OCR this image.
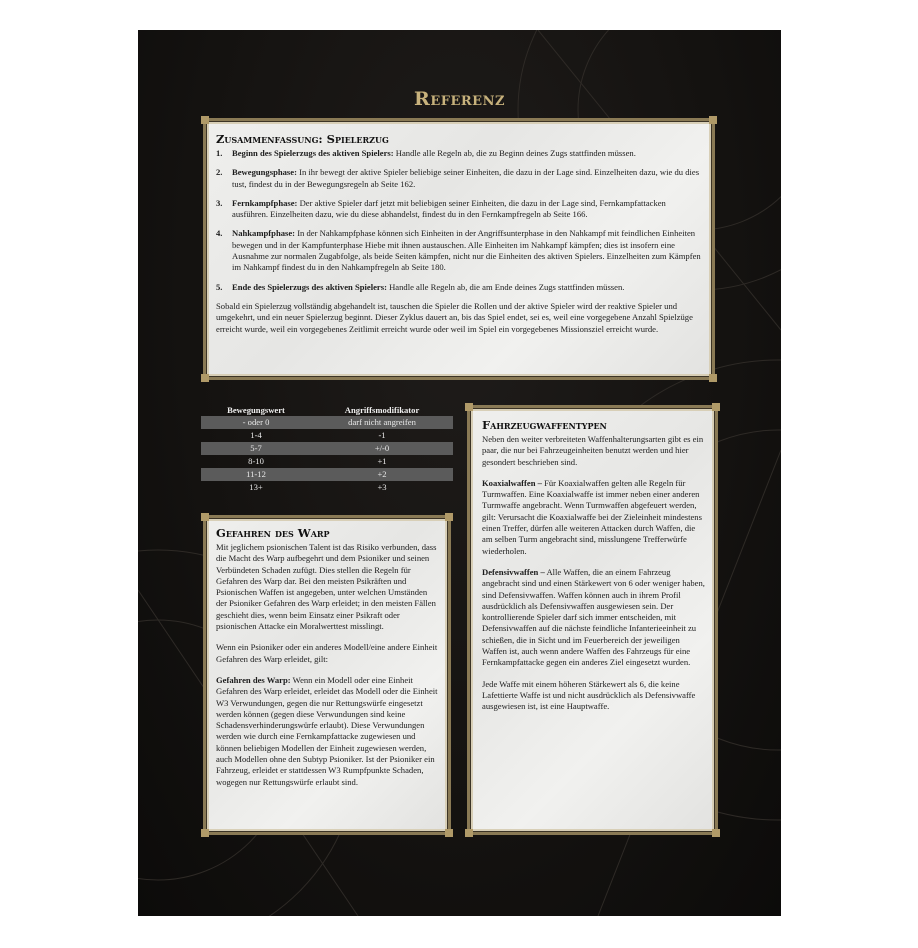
Referenz
Zusammenfassung: Spielerzug
1.	Beginn des Spielerzugs des aktiven Spielers: Handle alle Regeln ab, die zu Beginn deines Zugs stattfinden müssen.

2.	Bewegungsphase: In ihr bewegt der aktive Spieler beliebige seiner Einheiten, die dazu in der Lage sind. Einzelheiten dazu, wie du dies tust, findest du in der Bewegungsregeln ab Seite 162.

3.	Fernkampfphase: Der aktive Spieler darf jetzt mit beliebigen seiner Einheiten, die dazu in der Lage sind, Fernkampfattacken ausführen. Einzelheiten dazu, wie du diese abhandelst, findest du in den Fernkampfregeln ab Seite 166.

4.	Nahkampfphase: In der Nahkampfphase können sich Einheiten in der Angriffsunterphase in den Nahkampf mit feindlichen Einheiten bewegen und in der Kampfunterphase Hiebe mit ihnen austauschen. Alle Einheiten im Nahkampf kämpfen; dies ist insofern eine Ausnahme zur normalen Zugabfolge, als beide Seiten kämpfen, nicht nur die Einheiten des aktiven Spielers. Einzelheiten zum Kämpfen im Nahkampf findest du in den Nahkampfregeln ab Seite 180.

5.	Ende des Spielerzugs des aktiven Spielers: Handle alle Regeln ab, die am Ende deines Zugs stattfinden müssen.

Sobald ein Spielerzug vollständig abgehandelt ist, tauschen die Spieler die Rollen und der aktive Spieler wird der reaktive Spieler und umgekehrt, und ein neuer Spielerzug beginnt. Dieser Zyklus dauert an, bis das Spiel endet, sei es, weil eine vorgegebene Anzahl Spielzüge erreicht wurde, weil ein vorgegebenes Zeitlimit erreicht wurde oder weil im Spiel ein vorgegebenes Missionsziel erreicht wurde.

Bewegungswert	Angriffsmodifikator
- oder 0	darf nicht angreifen
1-4	-1
5-7	+/-0
8-10	+1
11-12	+2
13+	+3
Gefahren des Warp

Mit jeglichem psionischen Talent ist das Risiko verbunden, dass die Macht des Warp aufbegehrt und dem Psioniker und seinen Verbündeten Schaden zufügt. Dies stellen die Regeln für Gefahren des Warp dar. Bei den meisten Psikräften und Psionischen Waffen ist angegeben, unter welchen Umständen der Psioniker Gefahren des Warp erleidet; in den meisten Fällen geschieht dies, wenn beim Einsatz einer Psikraft oder psionischen Attacke ein Moralwerttest misslingt.

Wenn ein Psioniker oder ein anderes Modell/eine andere Einheit Gefahren des Warp erleidet, gilt:

Gefahren des Warp: Wenn ein Modell oder eine Einheit Gefahren des Warp erleidet, erleidet das Modell oder die Einheit W3 Verwundungen, gegen die nur Rettungswürfe eingesetzt werden können (gegen diese Verwundungen sind keine Schadensverhinderungswürfe erlaubt). Diese Verwundungen werden wie durch eine Fernkampfattacke zugewiesen und können beliebigen Modellen der Einheit zugewiesen werden, auch Modellen ohne den Subtyp Psioniker. Ist der Psioniker ein Fahrzeug, erleidet er stattdessen W3 Rumpfpunkte Schaden, wogegen nur Rettungswürfe erlaubt sind.

Fahrzeugwaffentypen

Neben den weiter verbreiteten Waffenhalterungsarten gibt es ein paar, die nur bei Fahrzeugeinheiten benutzt werden und hier gesondert beschrieben sind.

Koaxialwaffen – Für Koaxialwaffen gelten alle Regeln für Turmwaffen. Eine Koaxialwaffe ist immer neben einer anderen Turmwaffe angebracht. Wenn Turmwaffen abgefeuert werden, gilt: Verursacht die Koaxialwaffe bei der Zieleinheit mindestens einen Treffer, dürfen alle weiteren Attacken durch Waffen, die am selben Turm angebracht sind, misslungene Trefferwürfe wiederholen.

Defensivwaffen – Alle Waffen, die an einem Fahrzeug angebracht sind und einen Stärkewert von 6 oder weniger haben, sind Defensivwaffen. Waffen können auch in ihrem Profil ausdrücklich als Defensivwaffen ausgewiesen sein. Der kontrollierende Spieler darf sich immer entscheiden, mit Defensivwaffen auf die nächste feindliche Infanterieeinheit zu schießen, die in Sicht und im Feuerbereich der jeweiligen Waffen ist, auch wenn andere Waffen des Fahrzeugs für eine Fernkampfattacke gegen ein anderes Ziel eingesetzt wurden.

Jede Waffe mit einem höheren Stärkewert als 6, die keine Lafettierte Waffe ist und nicht ausdrücklich als Defensivwaffe ausgewiesen ist, ist eine Hauptwaffe.
